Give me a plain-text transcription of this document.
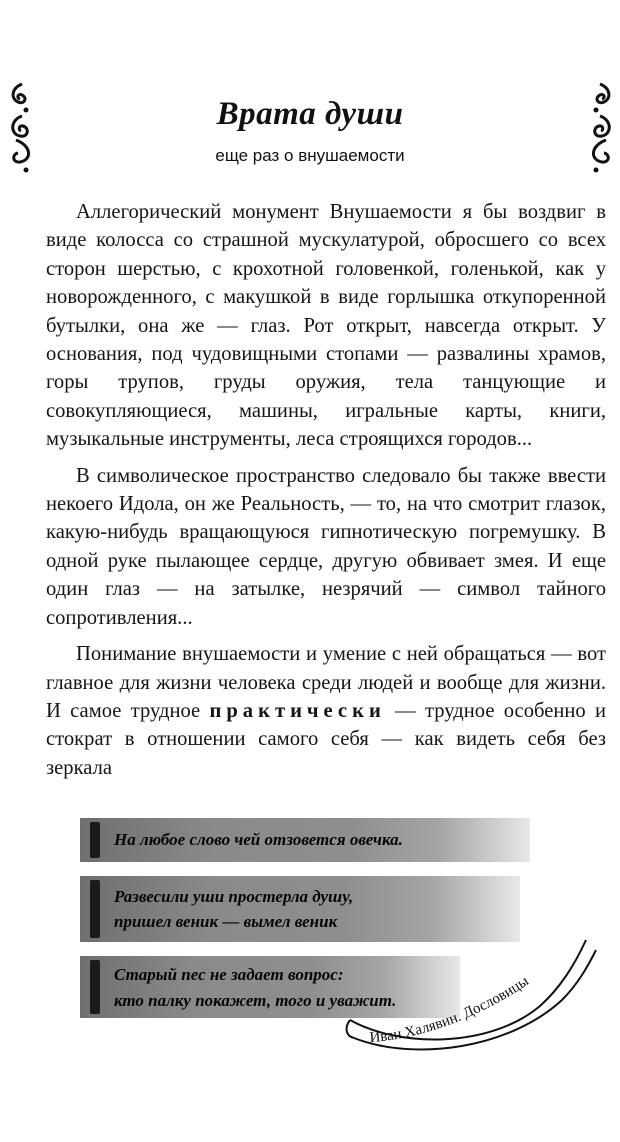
Врата души
еще раз о внушаемости

Аллегорический монумент Внушаемости я бы воздвиг в виде колосса со страшной мускулатурой, обросшего со всех сторон шерстью, с крохотной головенкой, голенькой, как у новорожденного, с макушкой в виде горлышка откупоренной бутылки, она же — глаз. Рот открыт, навсегда открыт. У основания, под чудовищными стопами — развалины храмов, горы трупов, груды оружия, тела танцующие и совокупляющиеся, машины, игральные карты, книги, музыкальные инструменты, леса строящихся городов...

В символическое пространство следовало бы также ввести некоего Идола, он же Реальность, — то, на что смотрит глазок, какую-нибудь вращающуюся гипнотическую погремушку. В одной руке пылающее сердце, другую обвивает змея. И еще один глаз — на затылке, незрячий — символ тайного сопротивления...

Понимание внушаемости и умение с ней обращаться — вот главное для жизни человека среди людей и вообще для жизни. И самое трудное практически — трудное особенно и стократ в отношении самого себя — как видеть себя без зеркала

На любое слово чей отзовется овечка.
Развесили уши простерла душу,
пришел веник — вымел веник
Старый пес не задает вопрос:
кто палку покажет, того и уважит.
Иван Халявин. Дословицы
